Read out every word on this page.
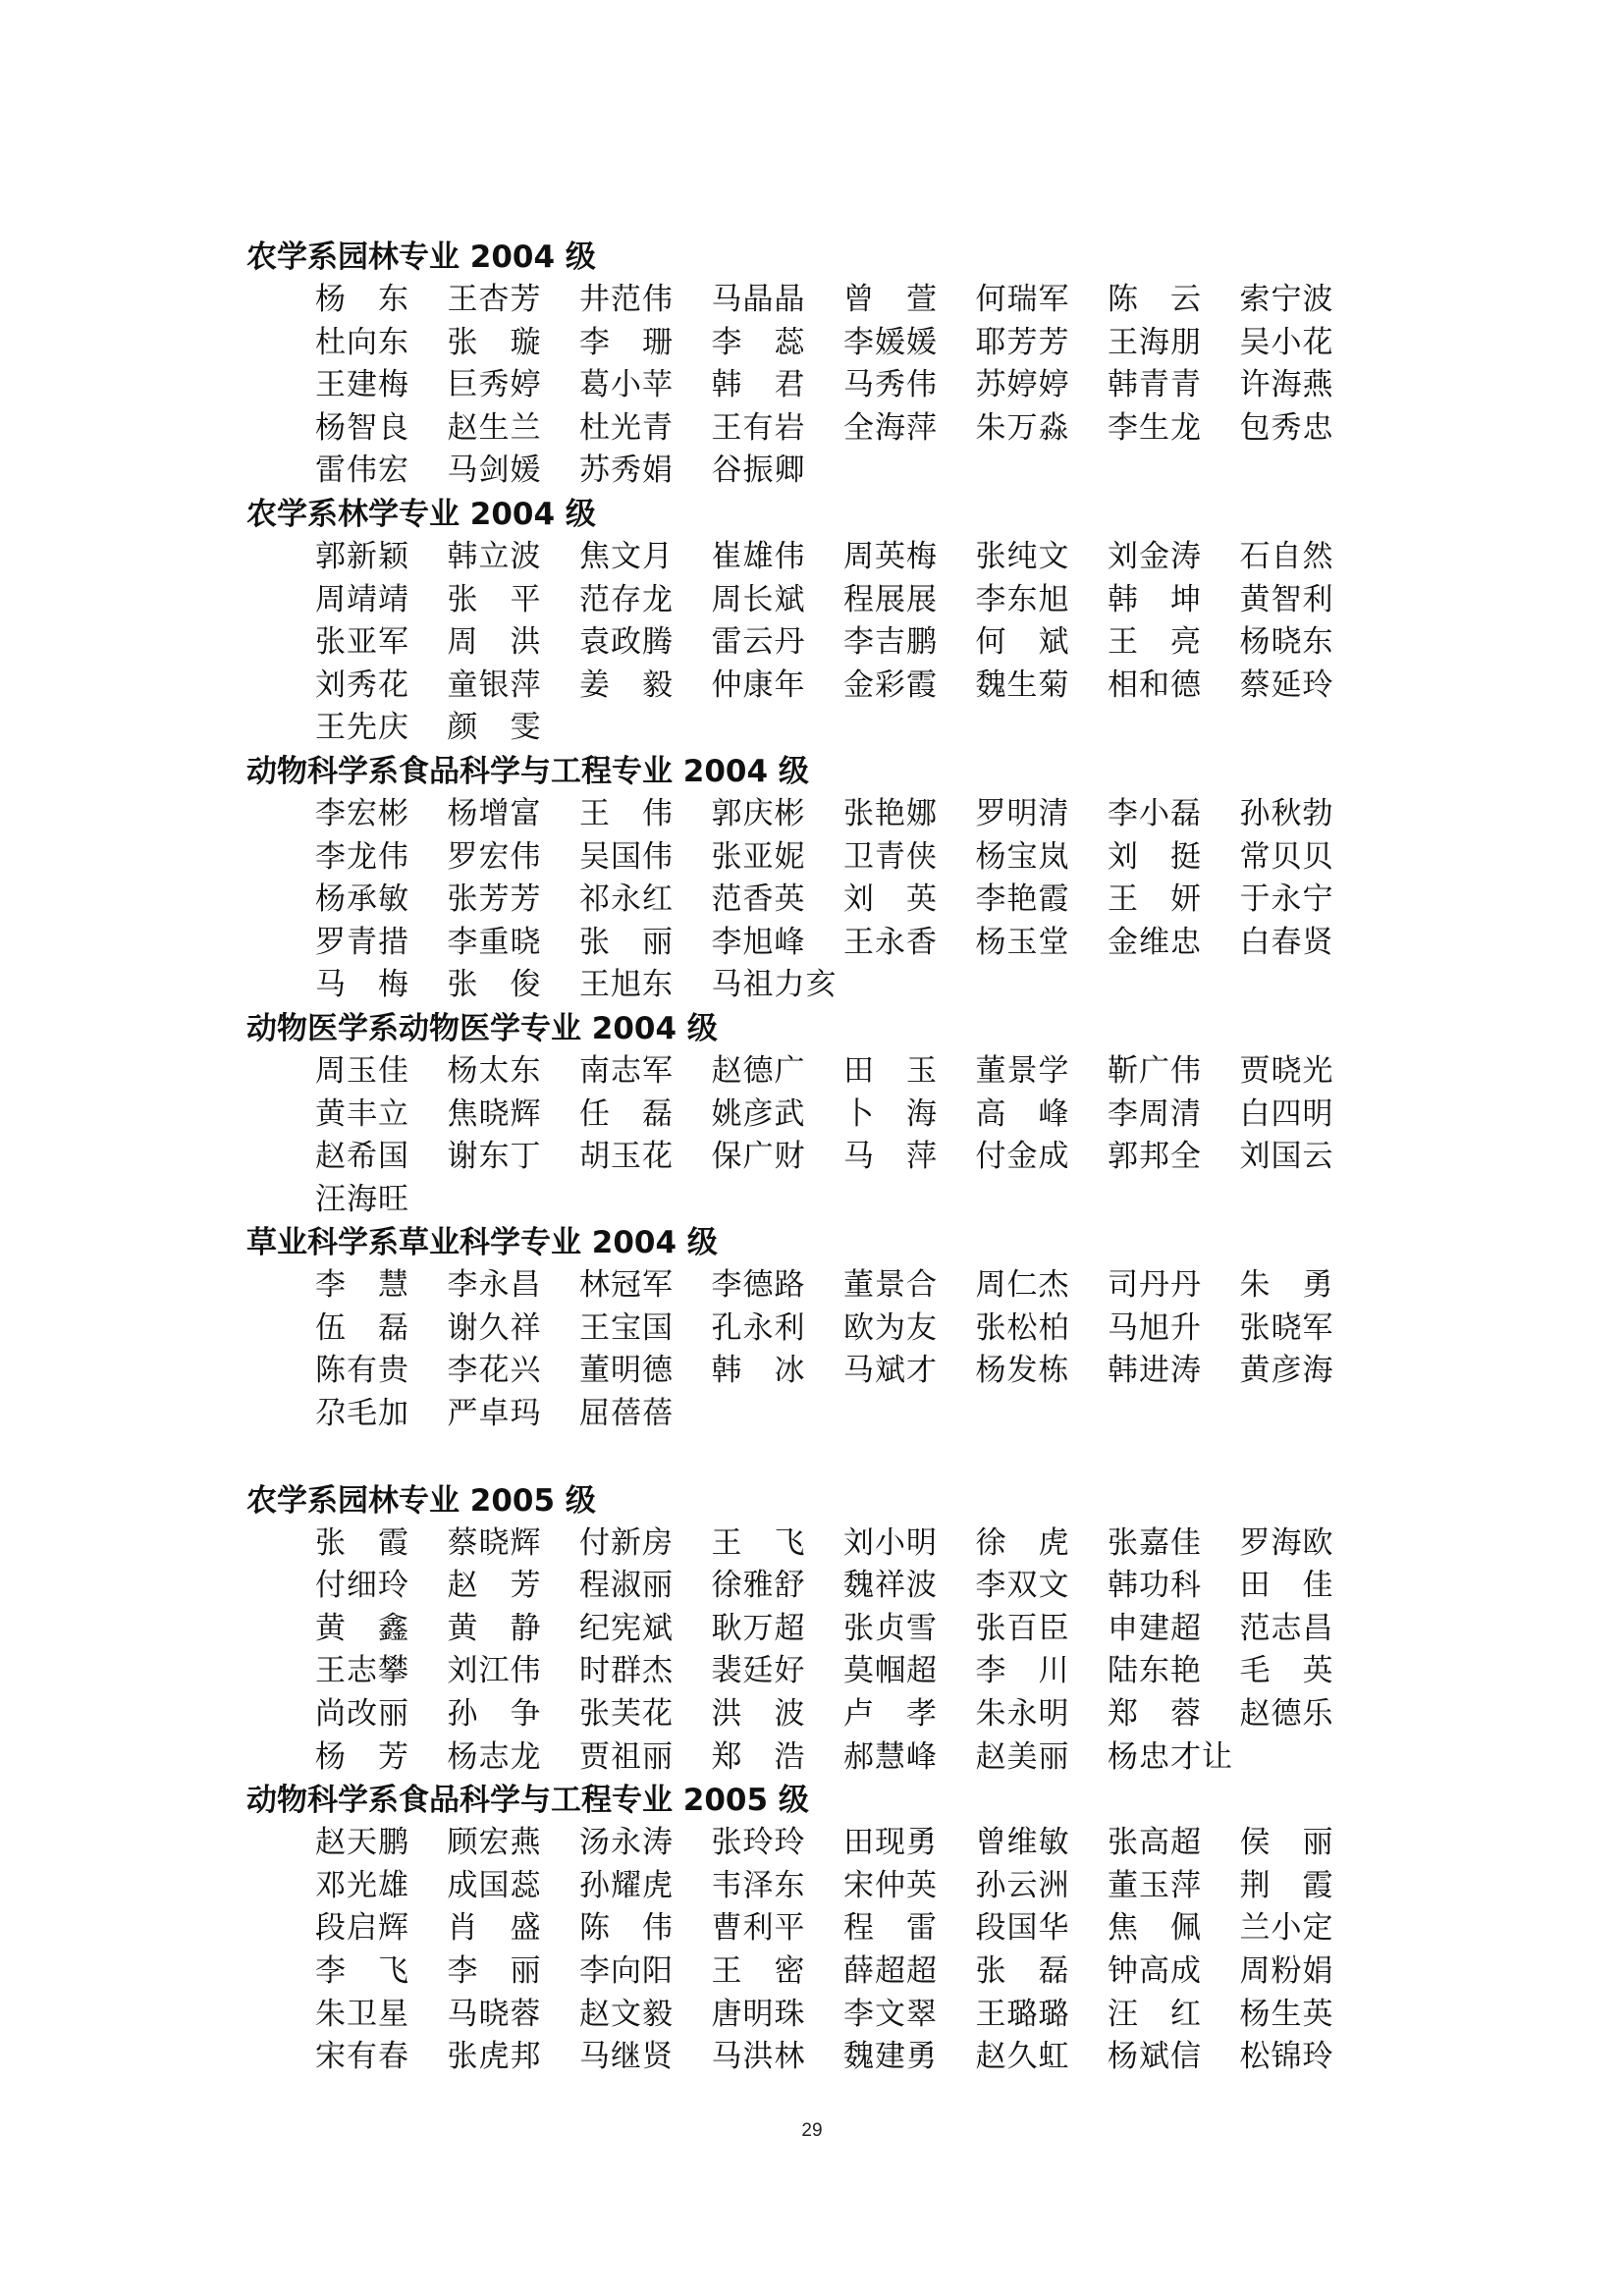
农学系园林专业 2004 级
杨　东 王杏芳 井范伟 马晶晶 曾　萱 何瑞军 陈　云 索宁波
杜向东 张　璇 李　珊 李　蕊 李媛媛 耶芳芳 王海朋 吴小花
王建梅 巨秀婷 葛小苹 韩　君 马秀伟 苏婷婷 韩青青 许海燕
杨智良 赵生兰 杜光青 王有岩 全海萍 朱万淼 李生龙 包秀忠
雷伟宏 马剑媛 苏秀娟 谷振卿
农学系林学专业 2004 级
郭新颖 韩立波 焦文月 崔雄伟 周英梅 张纯文 刘金涛 石自然
周靖靖 张　平 范存龙 周长斌 程展展 李东旭 韩　坤 黄智利
张亚军 周　洪 袁政腾 雷云丹 李吉鹏 何　斌 王　亮 杨晓东
刘秀花 童银萍 姜　毅 仲康年 金彩霞 魏生菊 相和德 蔡延玲
王先庆 颜　雯
动物科学系食品科学与工程专业 2004 级
李宏彬 杨增富 王　伟 郭庆彬 张艳娜 罗明清 李小磊 孙秋勃
李龙伟 罗宏伟 吴国伟 张亚妮 卫青侠 杨宝岚 刘　挺 常贝贝
杨承敏 张芳芳 祁永红 范香英 刘　英 李艳霞 王　妍 于永宁
罗青措 李重晓 张　丽 李旭峰 王永香 杨玉堂 金维忠 白春贤
马　梅 张　俊 王旭东 马祖力亥
动物医学系动物医学专业 2004 级
周玉佳 杨太东 南志军 赵德广 田　玉 董景学 靳广伟 贾晓光
黄丰立 焦晓辉 任　磊 姚彦武 卜　海 高　峰 李周清 白四明
赵希国 谢东丁 胡玉花 保广财 马　萍 付金成 郭邦全 刘国云
汪海旺
草业科学系草业科学专业 2004 级
李　慧 李永昌 林冠军 李德路 董景合 周仁杰 司丹丹 朱　勇
伍　磊 谢久祥 王宝国 孔永利 欧为友 张松柏 马旭升 张晓军
陈有贵 李花兴 董明德 韩　冰 马斌才 杨发栋 韩进涛 黄彦海
尕毛加 严卓玛 屈蓓蓓
农学系园林专业 2005 级
张　霞 蔡晓辉 付新房 王　飞 刘小明 徐　虎 张嘉佳 罗海欧
付细玲 赵　芳 程淑丽 徐雅舒 魏祥波 李双文 韩功科 田　佳
黄　鑫 黄　静 纪宪斌 耿万超 张贞雪 张百臣 申建超 范志昌
王志攀 刘江伟 时群杰 裴廷好 莫帼超 李　川 陆东艳 毛　英
尚改丽 孙　争 张芙花 洪　波 卢　孝 朱永明 郑　蓉 赵德乐
杨　芳 杨志龙 贾祖丽 郑　浩 郝慧峰 赵美丽 杨忠才让
动物科学系食品科学与工程专业 2005 级
赵天鹏 顾宏燕 汤永涛 张玲玲 田现勇 曾维敏 张高超 侯　丽
邓光雄 成国蕊 孙耀虎 韦泽东 宋仲英 孙云洲 董玉萍 荆　霞
段启辉 肖　盛 陈　伟 曹利平 程　雷 段国华 焦　佩 兰小定
李　飞 李　丽 李向阳 王　密 薛超超 张　磊 钟高成 周粉娟
朱卫星 马晓蓉 赵文毅 唐明珠 李文翠 王璐璐 汪　红 杨生英
宋有春 张虎邦 马继贤 马洪林 魏建勇 赵久虹 杨斌信 松锦玲
29
